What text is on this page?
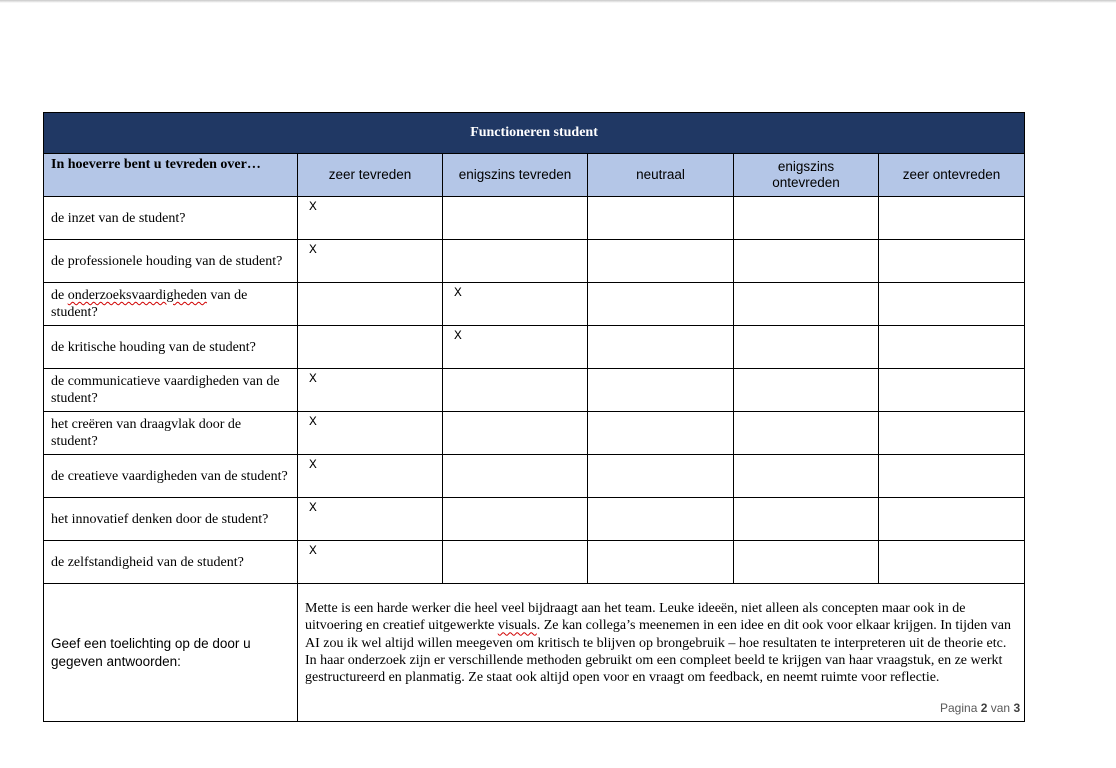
Functioneren student					
In hoeverre bent u tevreden over…	zeer tevreden	enigszins tevreden	neutraal	enigszins ontevreden	zeer ontevreden
de inzet van de student?	X				
de professionele houding van de student?	X				
de onderzoeksvaardigheden van de student?		X			
de kritische houding van de student?		X			
de communicatieve vaardigheden van de student?	X				
het creëren van draagvlak door de student?	X				
de creatieve vaardigheden van de student?	X				
het innovatief denken door de student?	X				
de zelfstandigheid van de student?	X				
Geef een toelichting op de door u gegeven antwoorden:	Mette is een harde werker die heel veel bijdraagt aan het team. Leuke ideeën, niet alleen als concepten maar ook in de uitvoering en creatief uitgewerkte visuals. Ze kan collega’s meenemen in een idee en dit ook voor elkaar krijgen. In tijden van AI zou ik wel altijd willen meegeven om kritisch te blijven op brongebruik – hoe resultaten te interpreteren uit de theorie etc. In haar onderzoek zijn er verschillende methoden gebruikt om een compleet beeld te krijgen van haar vraagstuk, en ze werkt gestructureerd en planmatig. Ze staat ook altijd open voor en vraagt om feedback, en neemt ruimte voor reflectie.				
Pagina 2 van 3
